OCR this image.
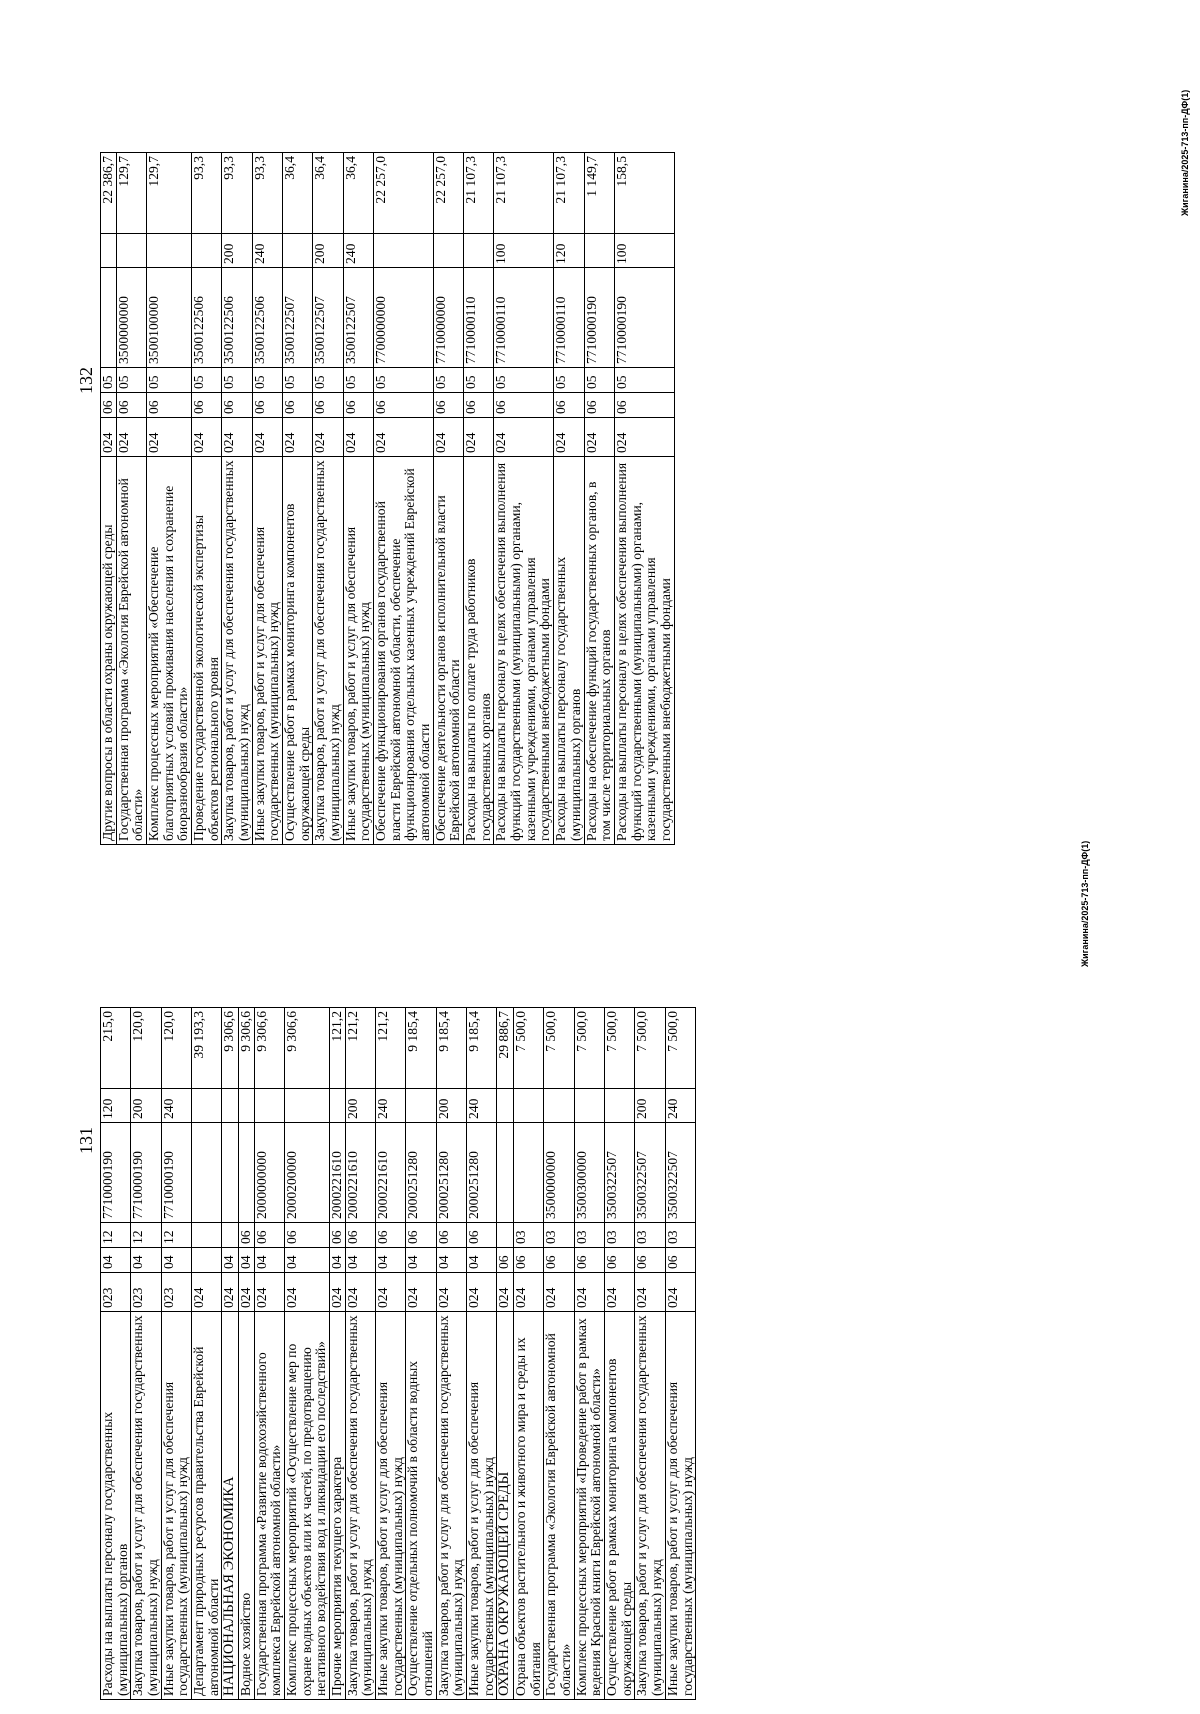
131
Жиганина/2025-713-пп-ДФ(1)
Расходы на выплаты персоналу государственных (муниципальных) органов	023	04	12	7710000190	120	215,0
Закупка товаров, работ и услуг для обеспечения государственных (муниципальных) нужд	023	04	12	7710000190	200	120,0
Иные закупки товаров, работ и услуг для обеспечения государственных (муниципальных) нужд	023	04	12	7710000190	240	120,0
Департамент природных ресурсов правительства Еврейской автономной области	024					39 193,3
НАЦИОНАЛЬНАЯ ЭКОНОМИКА	024	04				9 306,6
Водное хозяйство	024	04	06			9 306,6
Государственная программа «Развитие водохозяйственного комплекса Еврейской автономной области»	024	04	06	2000000000		9 306,6
Комплекс процессных мероприятий «Осуществление мер по охране водных объектов или их частей, по предотвращению негативного воздействия вод и ликвидации его последствий»	024	04	06	2000200000		9 306,6
Прочие мероприятия текущего характера	024	04	06	2000221610		121,2
Закупка товаров, работ и услуг для обеспечения государственных (муниципальных) нужд	024	04	06	2000221610	200	121,2
Иные закупки товаров, работ и услуг для обеспечения государственных (муниципальных) нужд	024	04	06	2000221610	240	121,2
Осуществление отдельных полномочий в области водных отношений	024	04	06	2000251280		9 185,4
Закупка товаров, работ и услуг для обеспечения государственных (муниципальных) нужд	024	04	06	2000251280	200	9 185,4
Иные закупки товаров, работ и услуг для обеспечения государственных (муниципальных) нужд	024	04	06	2000251280	240	9 185,4
ОХРАНА ОКРУЖАЮЩЕЙ СРЕДЫ	024	06				29 886,7
Охрана объектов растительного и животного мира и среды их обитания	024	06	03			7 500,0
Государственная программа «Экология Еврейской автономной области»	024	06	03	3500000000		7 500,0
Комплекс процессных мероприятий «Проведение работ в рамках ведения Красной книги Еврейской автономной области»	024	06	03	3500300000		7 500,0
Осуществление работ в рамках мониторинга компонентов окружающей среды	024	06	03	3500322507		7 500,0
Закупка товаров, работ и услуг для обеспечения государственных (муниципальных) нужд	024	06	03	3500322507	200	7 500,0
Иные закупки товаров, работ и услуг для обеспечения государственных (муниципальных) нужд	024	06	03	3500322507	240	7 500,0
132
Жиганина/2025-713-пп-ДФ(1)
Другие вопросы в области охраны окружающей среды	024	06	05			22 386,7
Государственная программа «Экология Еврейской автономной области»	024	06	05	3500000000		129,7
Комплекс процессных мероприятий «Обеспечение благоприятных условий проживания населения и сохранение биоразнообразия области»	024	06	05	3500100000		129,7
Проведение государственной экологической экспертизы объектов регионального уровня	024	06	05	3500122506		93,3
Закупка товаров, работ и услуг для обеспечения государственных (муниципальных) нужд	024	06	05	3500122506	200	93,3
Иные закупки товаров, работ и услуг для обеспечения государственных (муниципальных) нужд	024	06	05	3500122506	240	93,3
Осуществление работ в рамках мониторинга компонентов окружающей среды	024	06	05	3500122507		36,4
Закупка товаров, работ и услуг для обеспечения государственных (муниципальных) нужд	024	06	05	3500122507	200	36,4
Иные закупки товаров, работ и услуг для обеспечения государственных (муниципальных) нужд	024	06	05	3500122507	240	36,4
Обеспечение функционирования органов государственной власти Еврейской автономной области, обеспечение функционирования отдельных казенных учреждений Еврейской автономной области	024	06	05	7700000000		22 257,0
Обеспечение деятельности органов исполнительной власти Еврейской автономной области	024	06	05	7710000000		22 257,0
Расходы на выплаты по оплате труда работников государственных органов	024	06	05	7710000110		21 107,3
Расходы на выплаты персоналу в целях обеспечения выполнения функций государственными (муниципальными) органами, казенными учреждениями, органами управления государственными внебюджетными фондами	024	06	05	7710000110	100	21 107,3
Расходы на выплаты персоналу государственных (муниципальных) органов	024	06	05	7710000110	120	21 107,3
Расходы на обеспечение функций государственных органов, в том числе территориальных органов	024	06	05	7710000190		1 149,7
Расходы на выплаты персоналу в целях обеспечения выполнения функций государственными (муниципальными) органами, казенными учреждениями, органами управления государственными внебюджетными фондами	024	06	05	7710000190	100	158,5
